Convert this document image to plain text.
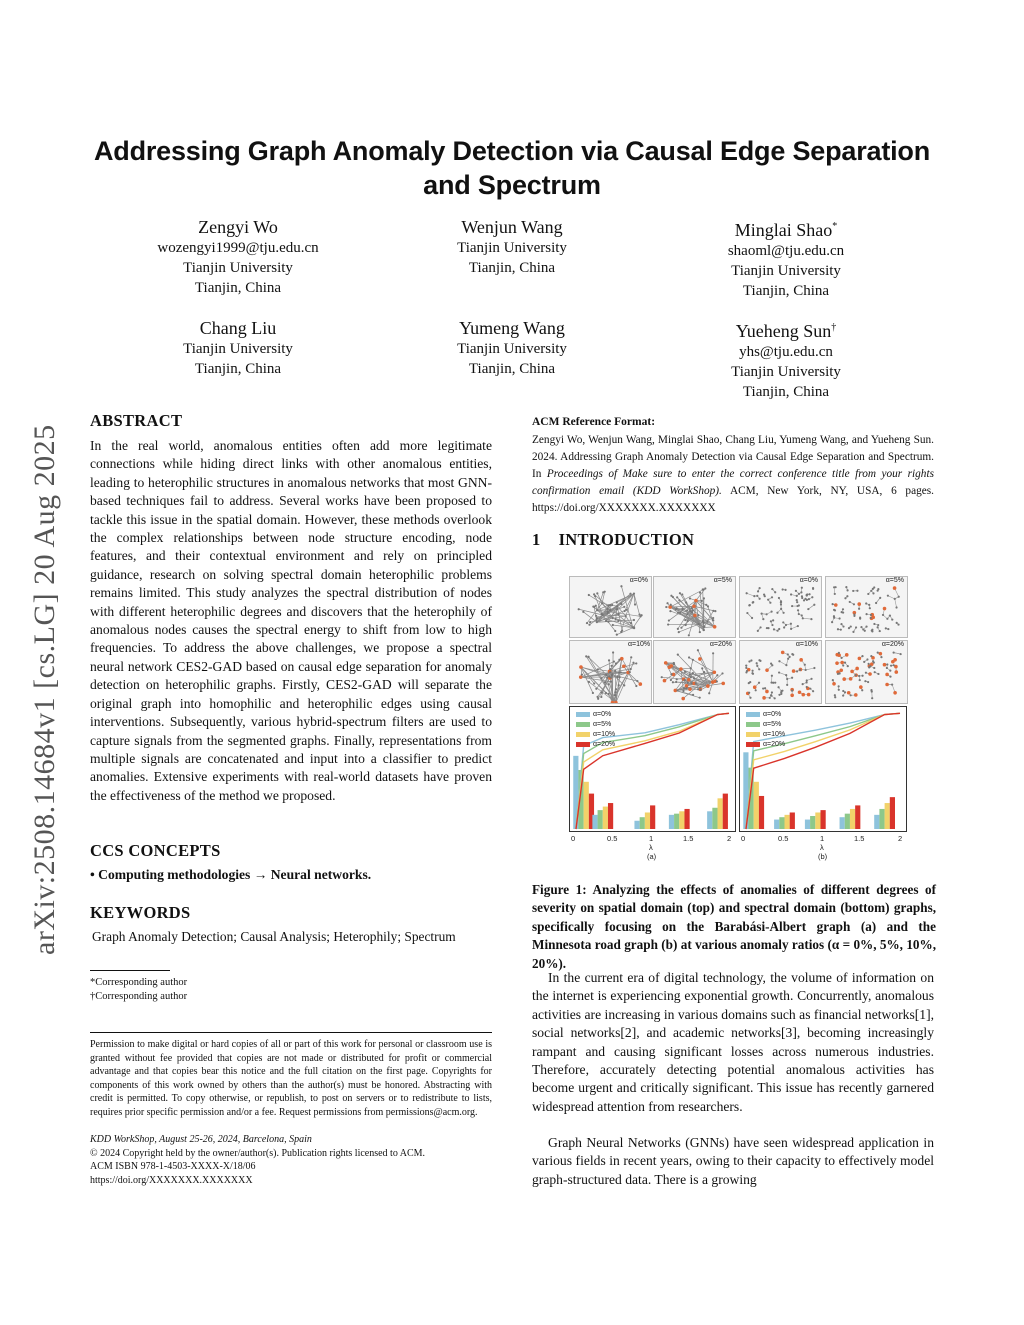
arXiv:2508.14684v1 [cs.LG] 20 Aug 2025
Addressing Graph Anomaly Detection via Causal Edge Separation
and Spectrum
Zengyi Wo
wozengyi1999@tju.edu.cn
Tianjin University
Tianjin, China
Wenjun Wang
Tianjin University
Tianjin, China
Minglai Shao*
shaoml@tju.edu.cn
Tianjin University
Tianjin, China
Chang Liu
Tianjin University
Tianjin, China
Yumeng Wang
Tianjin University
Tianjin, China
Yueheng Sun†
yhs@tju.edu.cn
Tianjin University
Tianjin, China
ABSTRACT
In the real world, anomalous entities often add more legitimate connections while hiding direct links with other anomalous entities, leading to heterophilic structures in anomalous networks that most GNN-based techniques fail to address. Several works have been proposed to tackle this issue in the spatial domain. However, these methods overlook the complex relationships between node structure encoding, node features, and their contextual environment and rely on principled guidance, research on solving spectral domain heterophilic problems remains limited. This study analyzes the spectral distribution of nodes with different heterophilic degrees and discovers that the heterophily of anomalous nodes causes the spectral energy to shift from low to high frequencies. To address the above challenges, we propose a spectral neural network CES2-GAD based on causal edge separation for anomaly detection on heterophilic graphs. Firstly, CES2-GAD will separate the original graph into homophilic and heterophilic edges using causal interventions. Subsequently, various hybrid-spectrum filters are used to capture signals from the segmented graphs. Finally, representations from multiple signals are concatenated and input into a classifier to predict anomalies. Extensive experiments with real-world datasets have proven the effectiveness of the method we proposed.
CCS CONCEPTS
• Computing methodologies → Neural networks.
KEYWORDS
Graph Anomaly Detection; Causal Analysis; Heterophily; Spectrum
*Corresponding author
†Corresponding author
Permission to make digital or hard copies of all or part of this work for personal or classroom use is granted without fee provided that copies are not made or distributed for profit or commercial advantage and that copies bear this notice and the full citation on the first page. Copyrights for components of this work owned by others than the author(s) must be honored. Abstracting with credit is permitted. To copy otherwise, or republish, to post on servers or to redistribute to lists, requires prior specific permission and/or a fee. Request permissions from permissions@acm.org.
KDD WorkShop, August 25-26, 2024, Barcelona, Spain
© 2024 Copyright held by the owner/author(s). Publication rights licensed to ACM.
ACM ISBN 978-1-4503-XXXX-X/18/06
https://doi.org/XXXXXXX.XXXXXXX
ACM Reference Format:
Zengyi Wo, Wenjun Wang, Minglai Shao, Chang Liu, Yumeng Wang, and Yueheng Sun. 2024. Addressing Graph Anomaly Detection via Causal Edge Separation and Spectrum. In Proceedings of Make sure to enter the correct conference title from your rights confirmation email (KDD WorkShop). ACM, New York, NY, USA, 6 pages. https://doi.org/XXXXXXX.XXXXXXX
1 INTRODUCTION
α=0%	α=5%	α=0%	α=5%
α=10%	α=20%	α=10%	α=20%
α=0%
α=5%
α=10%
α=20%
α=0%
α=5%
α=10%
α=20%
0	0.5	1	1.5	2
λ
(a)
0	0.5	1	1.5	2
λ
(b)
Figure 1: Analyzing the effects of anomalies of different degrees of severity on spatial domain (top) and spectral domain (bottom) graphs, specifically focusing on the Barabási-Albert graph (a) and the Minnesota road graph (b) at various anomaly ratios (α = 0%, 5%, 10%, 20%).
In the current era of digital technology, the volume of information on the internet is experiencing exponential growth. Concurrently, anomalous activities are increasing in various domains such as financial networks[1], social networks[2], and academic networks[3], becoming increasingly rampant and causing significant losses across numerous industries. Therefore, accurately detecting potential anomalous activities has become urgent and critically significant. This issue has recently garnered widespread attention from researchers.
Graph Neural Networks (GNNs) have seen widespread application in various fields in recent years, owing to their capacity to effectively model graph-structured data. There is a growing
